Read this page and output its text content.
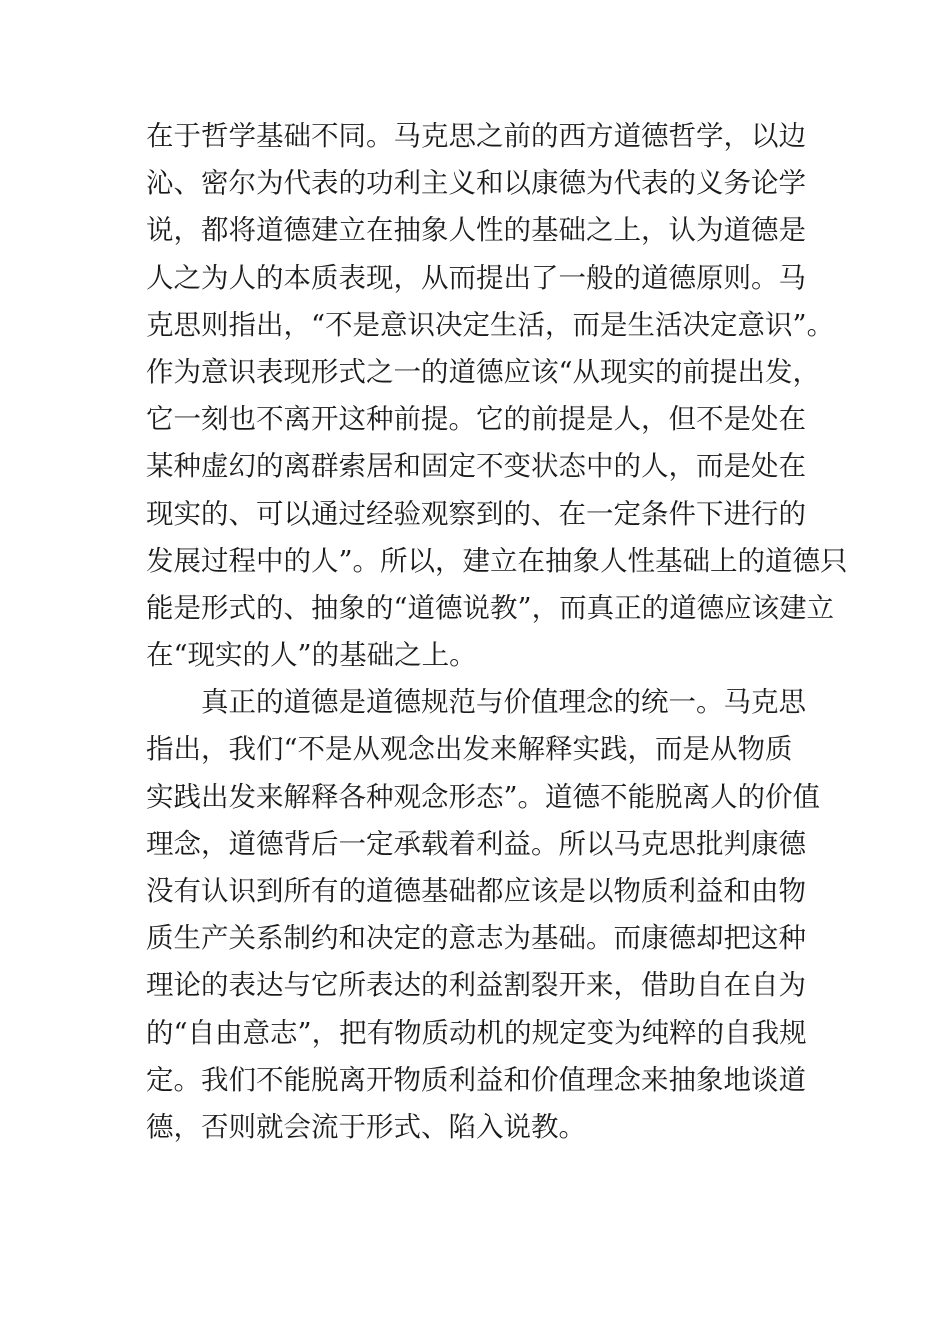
在于哲学基础不同。马克思之前的西方道德哲学，以边
沁、密尔为代表的功利主义和以康德为代表的义务论学
说，都将道德建立在抽象人性的基础之上，认为道德是
人之为人的本质表现，从而提出了一般的道德原则。马
克思则指出，“不是意识决定生活，而是生活决定意识”。
作为意识表现形式之一的道德应该“从现实的前提出发，
它一刻也不离开这种前提。它的前提是人，但不是处在
某种虚幻的离群索居和固定不变状态中的人，而是处在
现实的、可以通过经验观察到的、在一定条件下进行的
发展过程中的人”。所以，建立在抽象人性基础上的道德只
能是形式的、抽象的“道德说教”，而真正的道德应该建立
在“现实的人”的基础之上。
真正的道德是道德规范与价值理念的统一。马克思
指出，我们“不是从观念出发来解释实践，而是从物质
实践出发来解释各种观念形态”。道德不能脱离人的价值
理念，道德背后一定承载着利益。所以马克思批判康德
没有认识到所有的道德基础都应该是以物质利益和由物
质生产关系制约和决定的意志为基础。而康德却把这种
理论的表达与它所表达的利益割裂开来，借助自在自为
的“自由意志”，把有物质动机的规定变为纯粹的自我规
定。我们不能脱离开物质利益和价值理念来抽象地谈道
德，否则就会流于形式、陷入说教。
